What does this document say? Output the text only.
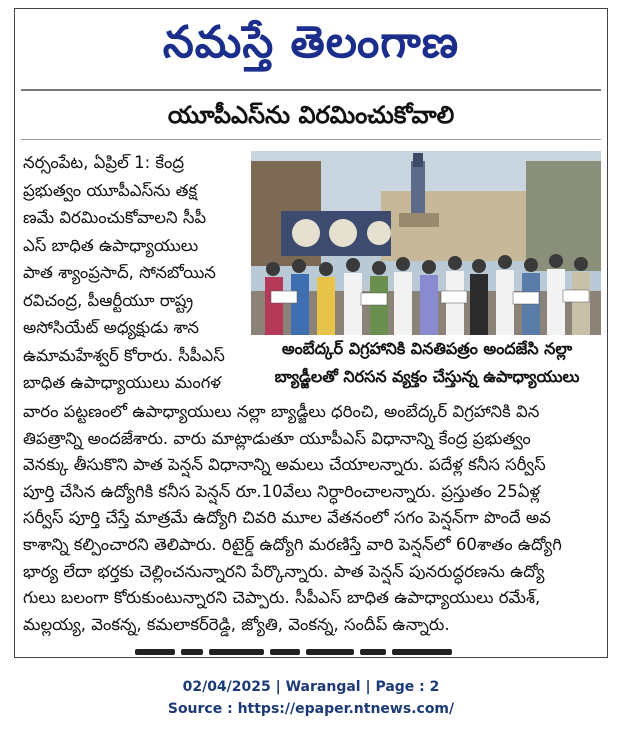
నమస్తే తెలంగాణ
యూపీఎస్‌ను విరమించుకోవాలి
నర్సంపేట, ఏప్రిల్ 1: కేంద్ర
ప్రభుత్వం యూపీఎస్‌ను తక్ష
ణమే విరమించుకోవాలని సీపీ
ఎస్ బాధిత ఉపాధ్యాయులు
పాత శ్యాంప్రసాద్, సోనబోయిన
రవిచంద్ర, పీఆర్టీయూ రాష్ట్ర
అసోసియేట్ అధ్యక్షుడు శాన
ఉమామహేశ్వర్ కోరారు. సీపీఎస్
బాధిత ఉపాధ్యాయులు మంగళ
అంబేద్కర్ విగ్రహానికి వినతిపత్రం అందజేసి నల్లా
బ్యాడ్జీలతో నిరసన వ్యక్తం చేస్తున్న ఉపాధ్యాయులు
వారం పట్టణంలో ఉపాధ్యాయులు నల్లా బ్యాడ్జీలు ధరించి, అంబేద్కర్ విగ్రహానికి విన
తిపత్రాన్ని అందజేశారు. వారు మాట్లాడుతూ యూపీఎస్ విధానాన్ని కేంద్ర ప్రభుత్వం
వెనక్కు తీసుకొని పాత పెన్షన్ విధానాన్ని అమలు చేయాలన్నారు. పదేళ్ల కనీస సర్వీస్
పూర్తి చేసిన ఉద్యోగికి కనీస పెన్షన్ రూ.10వేలు నిర్ధారించాలన్నారు. ప్రస్తుతం 25ఏళ్ల
సర్వీస్ పూర్తి చేస్తే మాత్రమే ఉద్యోగి చివరి మూల వేతనంలో సగం పెన్షన్‌గా పొందే అవ
కాశాన్ని కల్పించారని తెలిపారు. రిటైర్డ్ ఉద్యోగి మరణిస్తే వారి పెన్షన్‌లో 60శాతం ఉద్యోగి
భార్య లేదా భర్తకు చెల్లించనున్నారని పేర్కొన్నారు. పాత పెన్షన్ పునరుద్ధరణను ఉద్యో
గులు బలంగా కోరుకుంటున్నారని చెప్పారు. సీపీఎస్ బాధిత ఉపాధ్యాయులు రమేశ్,
మల్లయ్య, వెంకన్న, కమలాకర్‌రెడ్డి, జ్యోతి, వెంకన్న, సందీప్ ఉన్నారు.
02/04/2025 | Warangal | Page : 2
Source : https://epaper.ntnews.com/
